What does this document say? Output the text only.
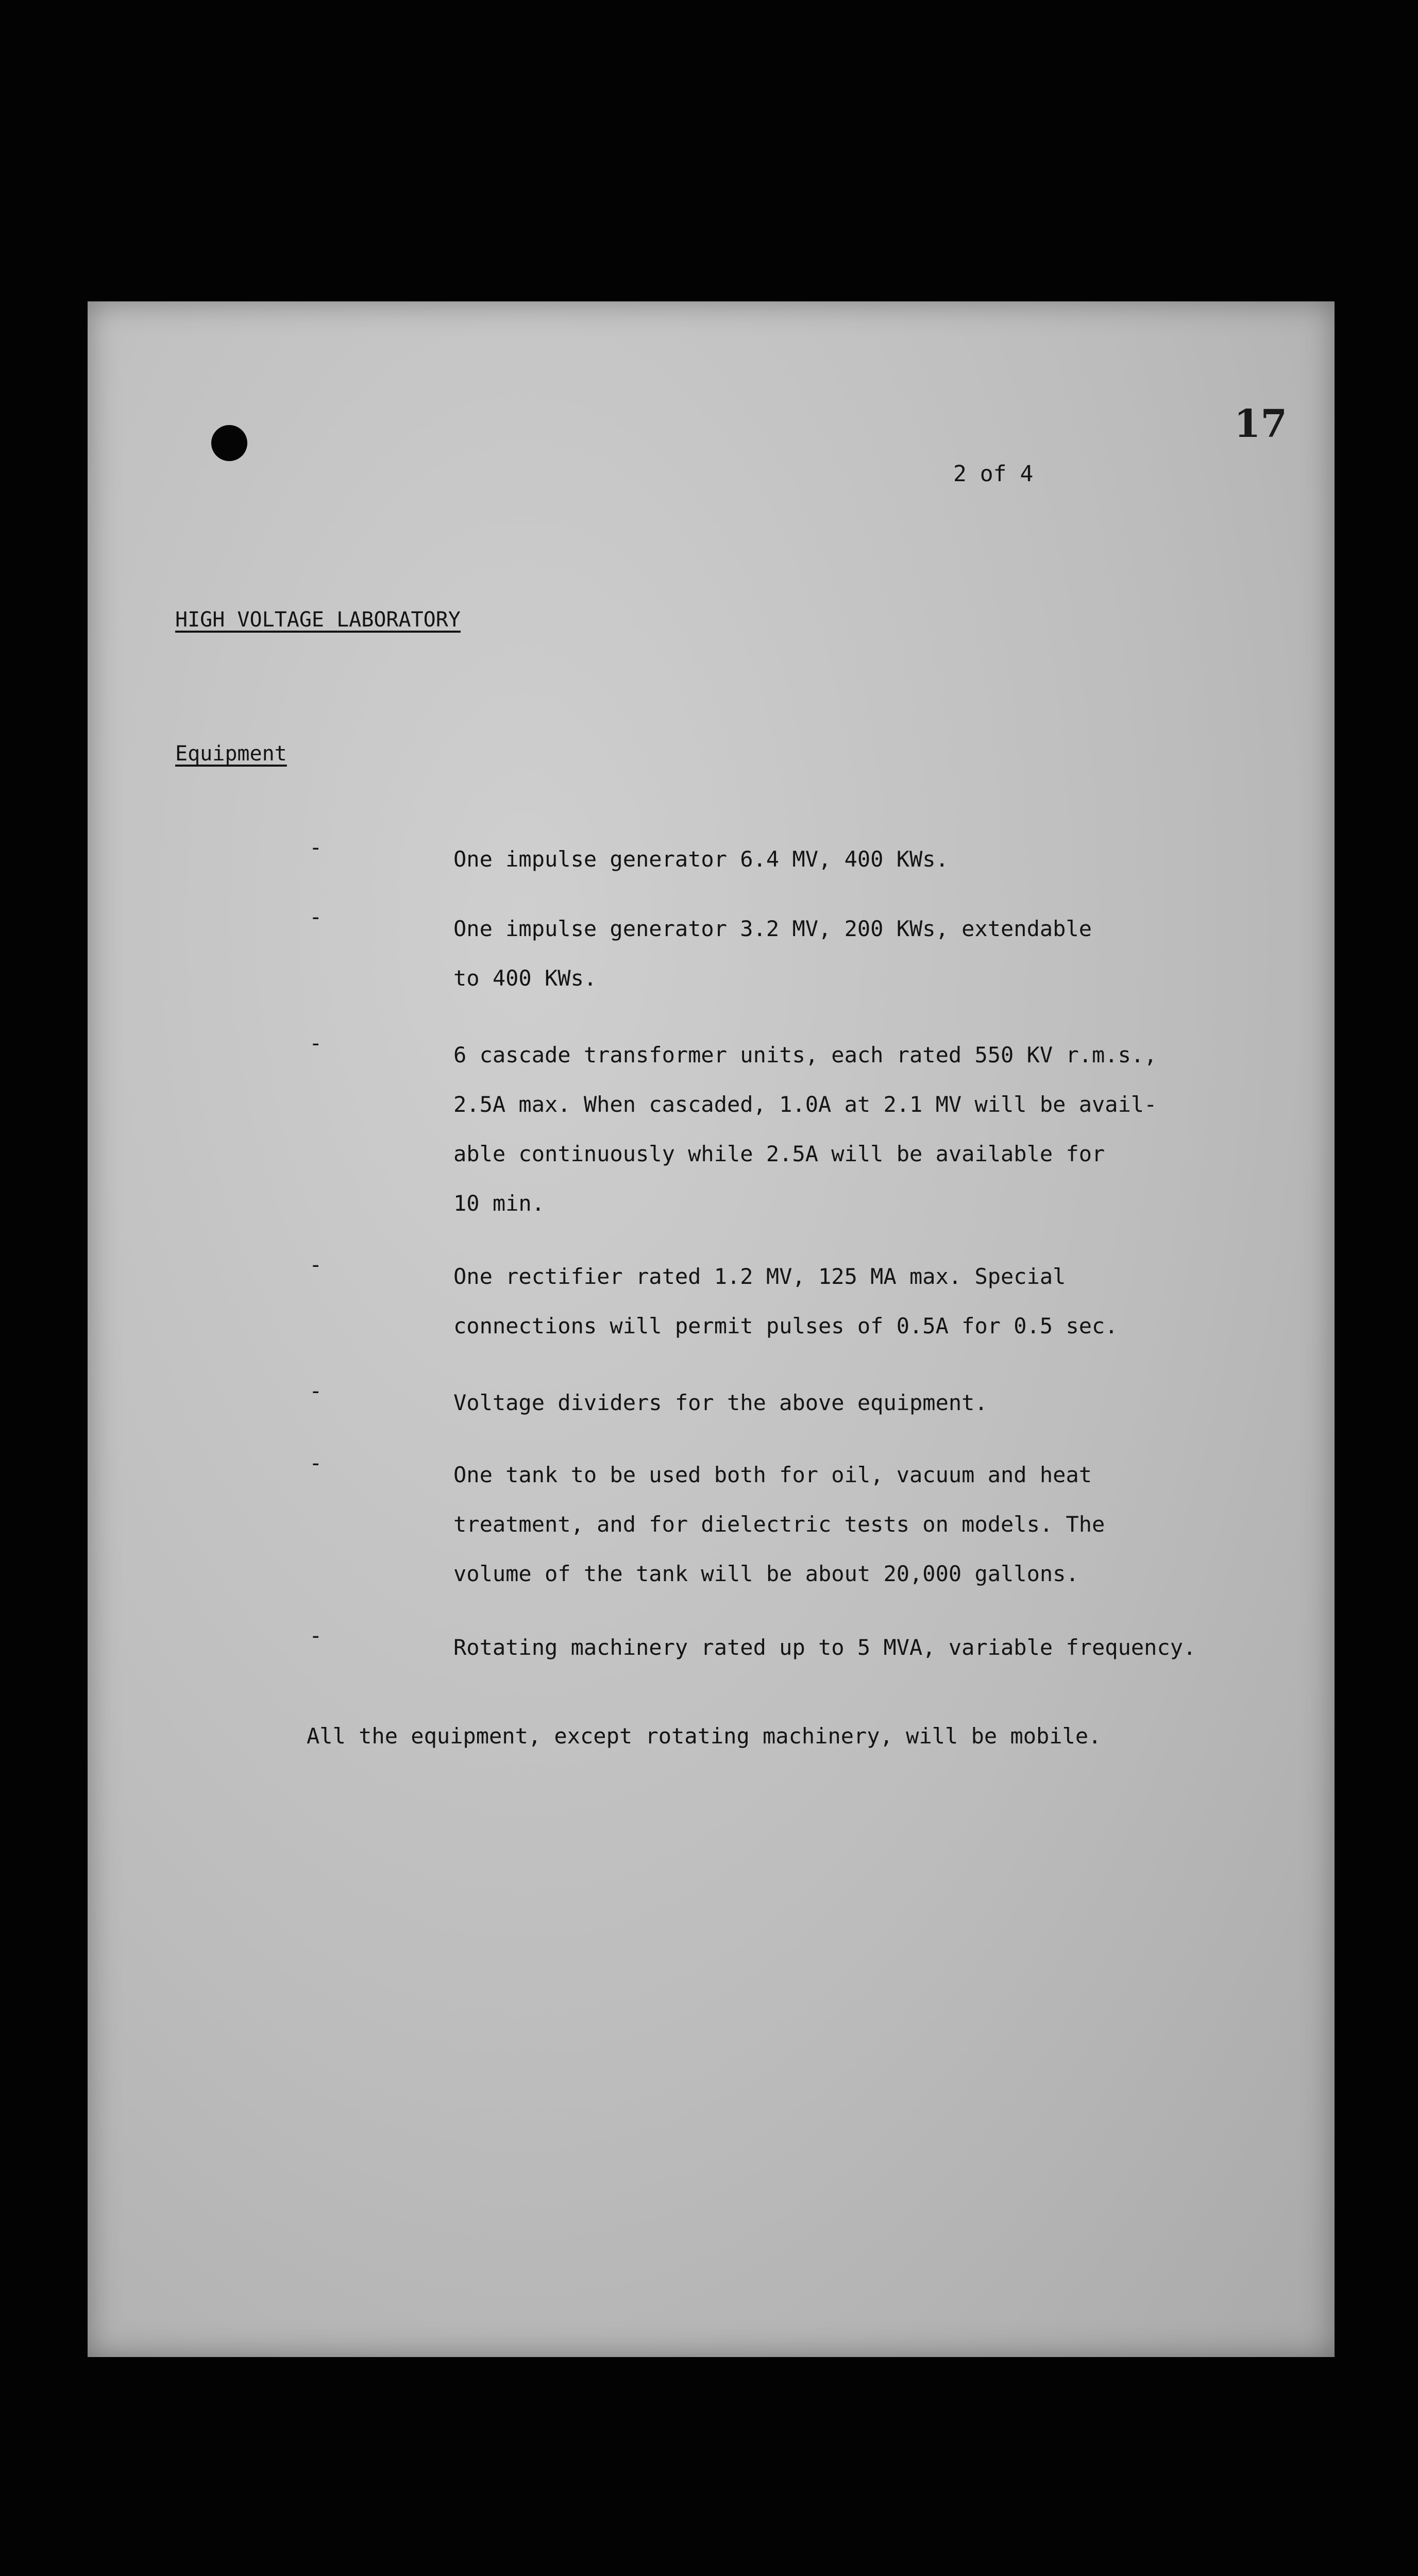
17
2 of 4
HIGH VOLTAGE LABORATORY
Equipment
-	One impulse generator 6.4 MV, 400 KWs.
-	One impulse generator 3.2 MV, 200 KWs, extendable
to 400 KWs.
-	6 cascade transformer units, each rated 550 KV r.m.s.,
2.5A max. When cascaded, 1.0A at 2.1 MV will be avail-
able continuously while 2.5A will be available for
10 min.
-	One rectifier rated 1.2 MV, 125 MA max. Special
connections will permit pulses of 0.5A for 0.5 sec.
-	Voltage dividers for the above equipment.
-	One tank to be used both for oil, vacuum and heat
treatment, and for dielectric tests on models. The
volume of the tank will be about 20,000 gallons.
-	Rotating machinery rated up to 5 MVA, variable frequency.
All the equipment, except rotating machinery, will be mobile.
